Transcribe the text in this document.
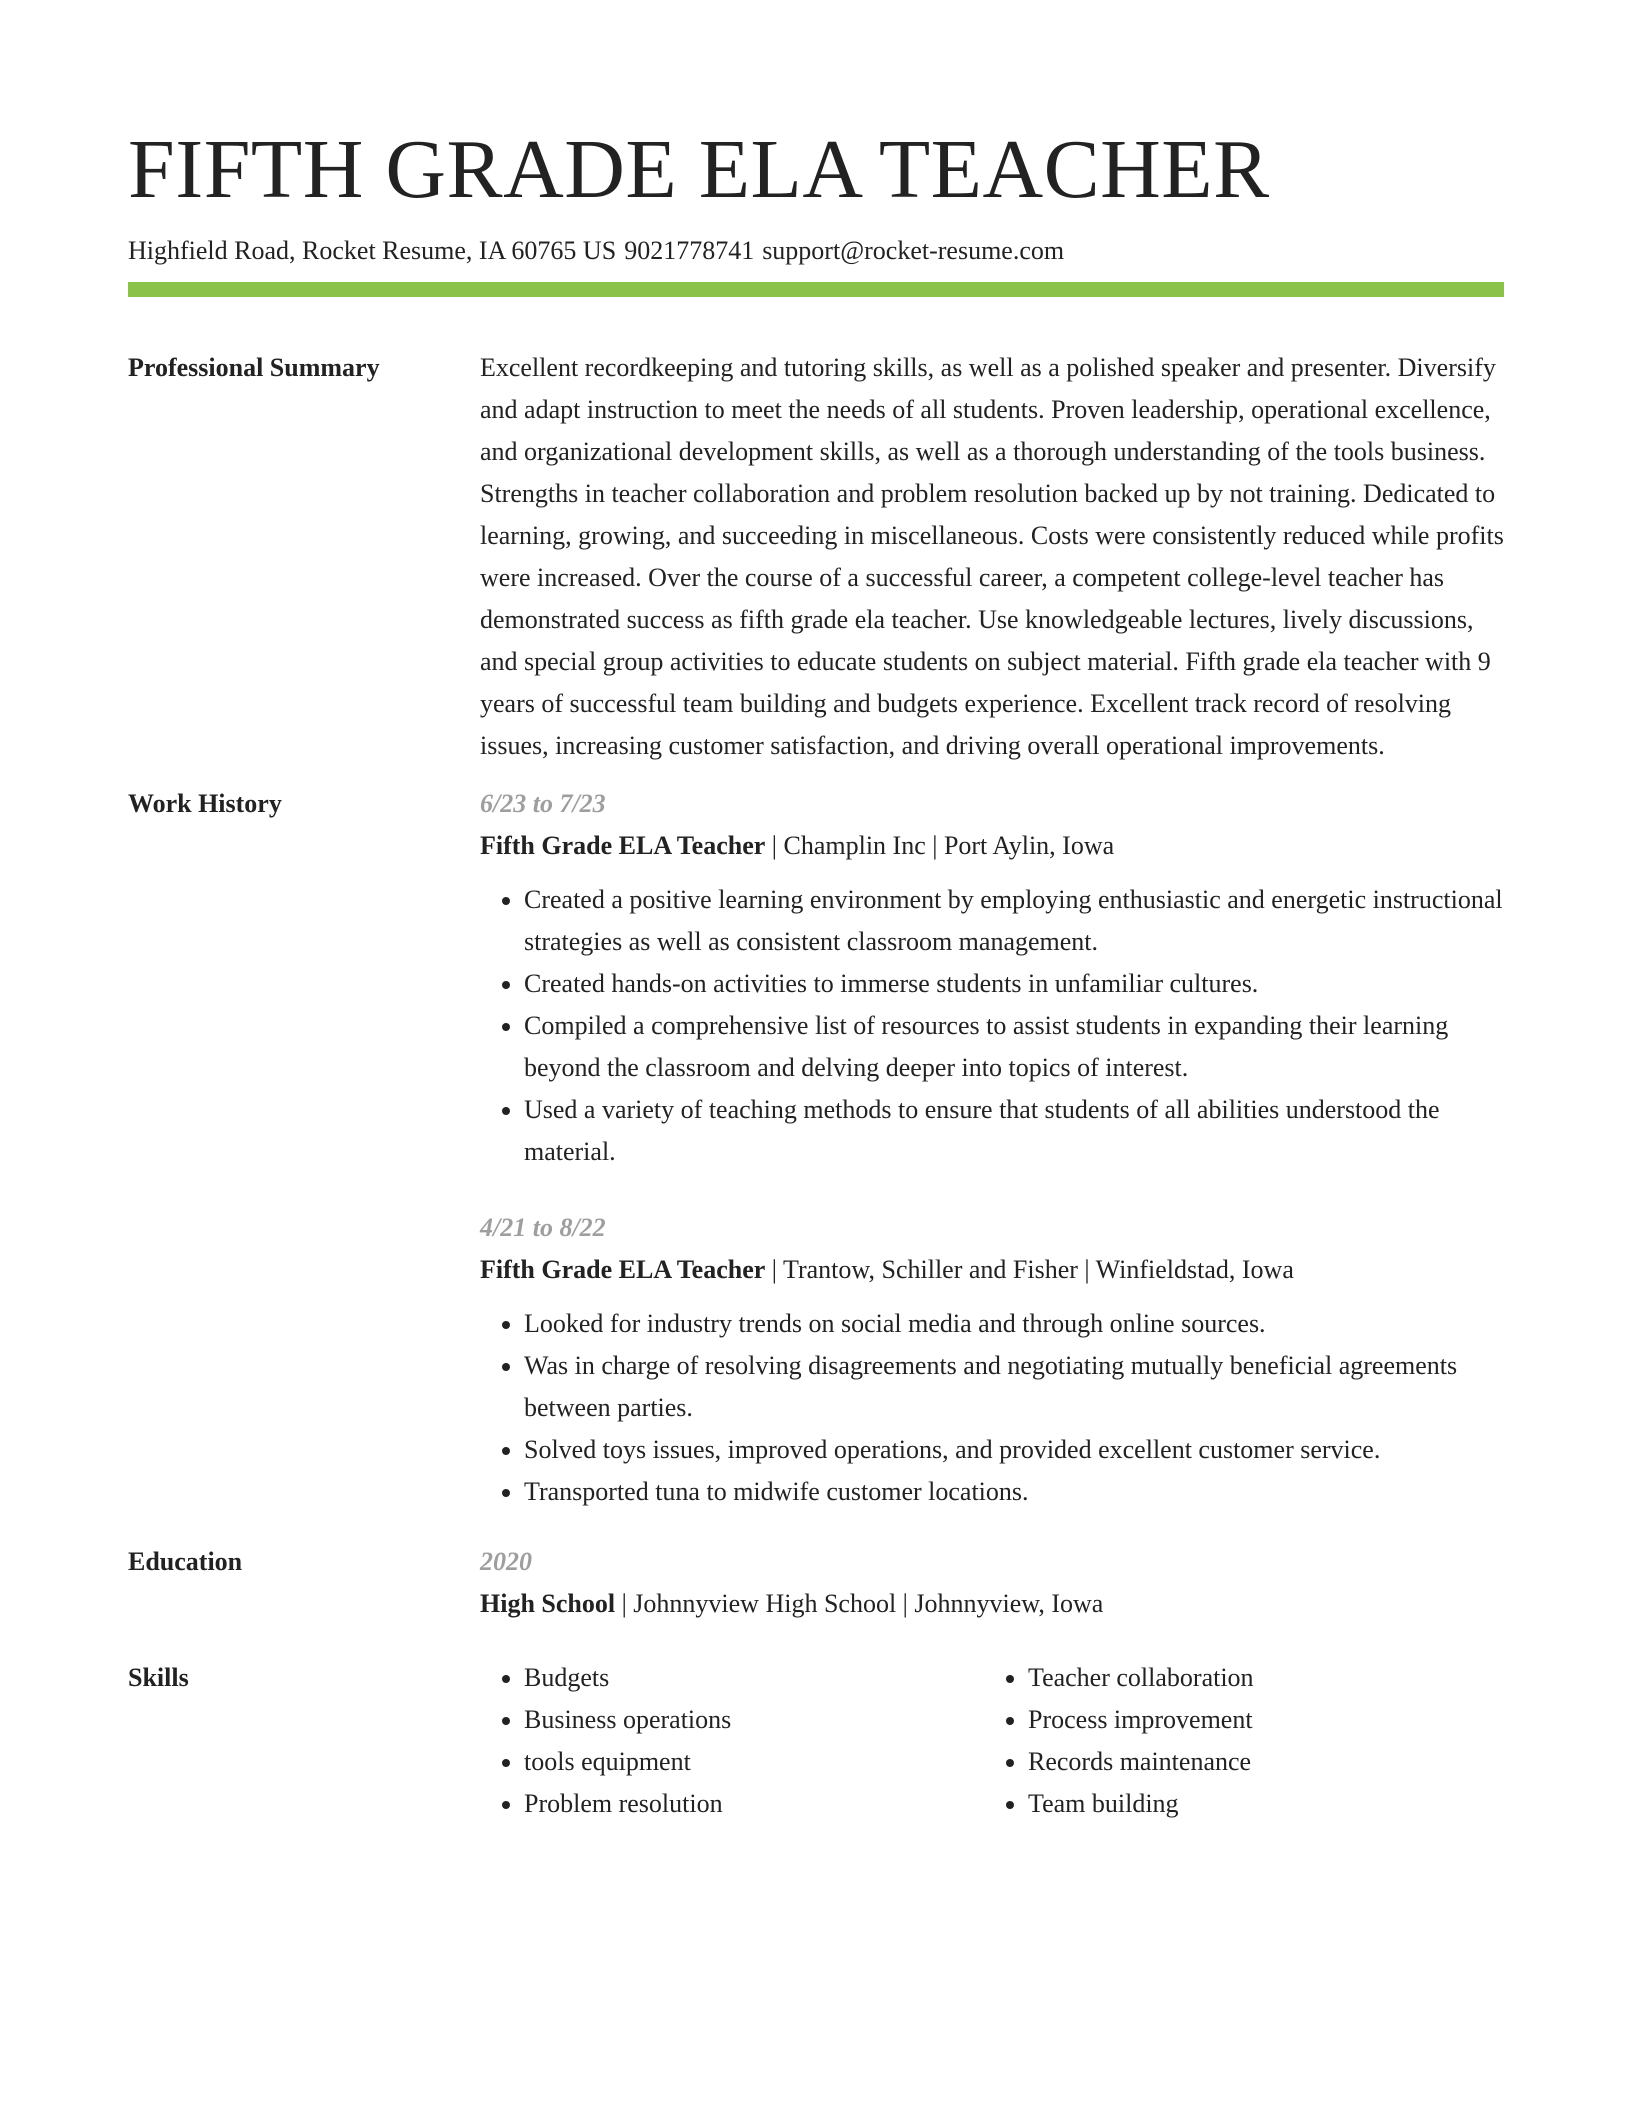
FIFTH GRADE ELA TEACHER
Highfield Road, Rocket Resume, IA 60765 US 9021778741 support@rocket-resume.com
Professional Summary	Excellent recordkeeping and tutoring skills, as well as a polished speaker and presenter. Diversify and adapt instruction to meet the needs of all students. Proven leadership, operational excellence, and organizational development skills, as well as a thorough understanding of the tools business. Strengths in teacher collaboration and problem resolution backed up by not training. Dedicated to learning, growing, and succeeding in miscellaneous. Costs were consistently reduced while profits were increased. Over the course of a successful career, a competent college-level teacher has demonstrated success as fifth grade ela teacher. Use knowledgeable lectures, lively discussions, and special group activities to educate students on subject material. Fifth grade ela teacher with 9 years of successful team building and budgets experience. Excellent track record of resolving issues, increasing customer satisfaction, and driving overall operational improvements.

Work History	6/23 to 7/23
Fifth Grade ELA Teacher | Champlin Inc | Port Aylin, Iowa
• Created a positive learning environment by employing enthusiastic and energetic instructional strategies as well as consistent classroom management.
• Created hands-on activities to immerse students in unfamiliar cultures.
• Compiled a comprehensive list of resources to assist students in expanding their learning beyond the classroom and delving deeper into topics of interest.
• Used a variety of teaching methods to ensure that students of all abilities understood the material.
4/21 to 8/22
Fifth Grade ELA Teacher | Trantow, Schiller and Fisher | Winfieldstad, Iowa
• Looked for industry trends on social media and through online sources.
• Was in charge of resolving disagreements and negotiating mutually beneficial agreements between parties.
• Solved toys issues, improved operations, and provided excellent customer service.
• Transported tuna to midwife customer locations.
Education	2020
High School | Johnnyview High School | Johnnyview, Iowa
Skills
•	Budgets
• Business operations
• tools equipment
• Problem resolution
• Teacher collaboration
• Process improvement
• Records maintenance
• Team building
